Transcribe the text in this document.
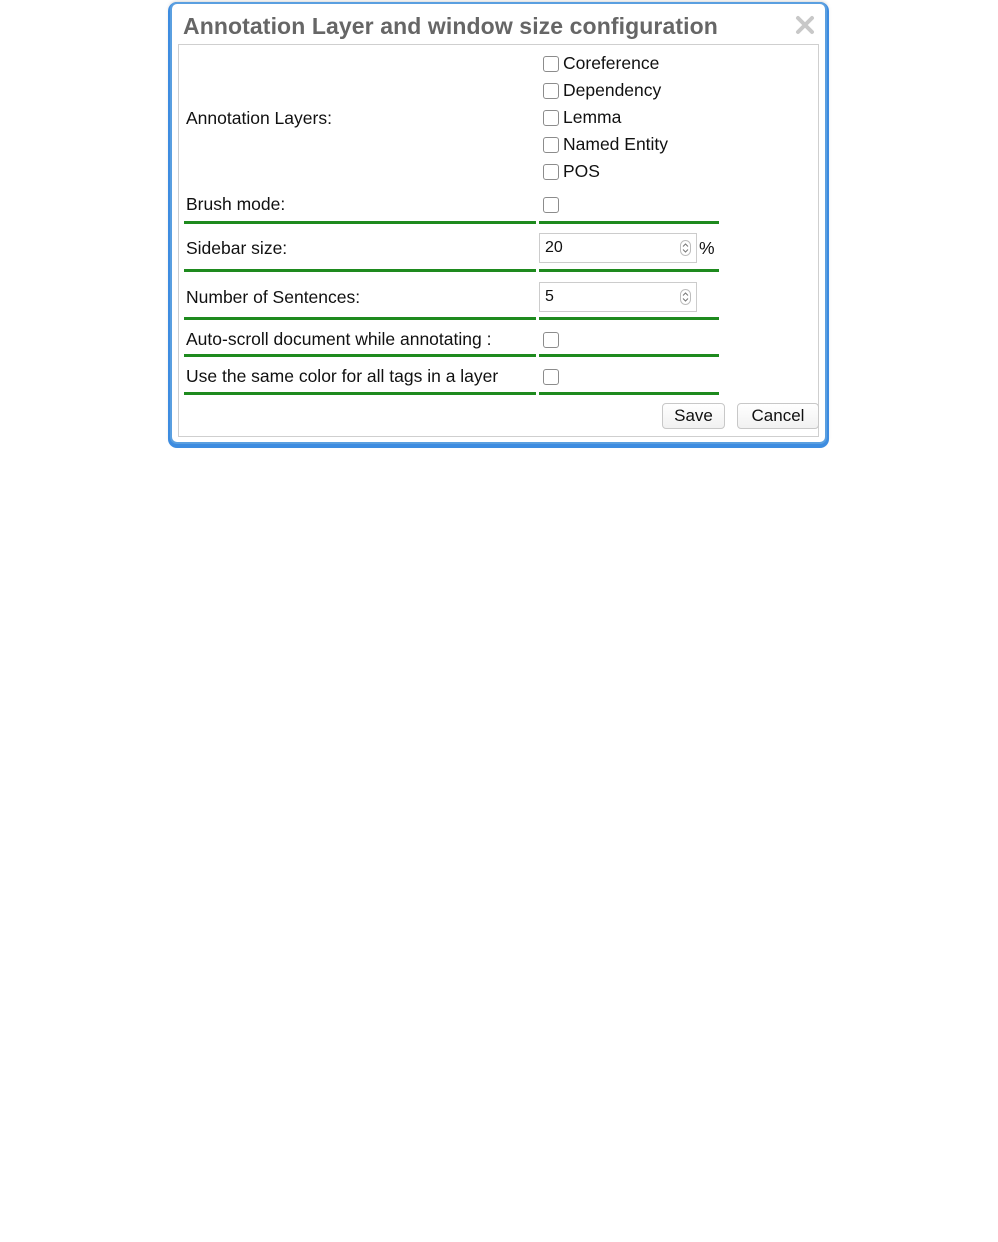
Annotation Layer and window size configuration
Annotation Layers:
Coreference
Dependency
Lemma
Named Entity
POS
Brush mode:
Sidebar size:	20	%
Number of Sentences:	5
Auto-scroll document while annotating :
Use the same color for all tags in a layer
Save	Cancel
